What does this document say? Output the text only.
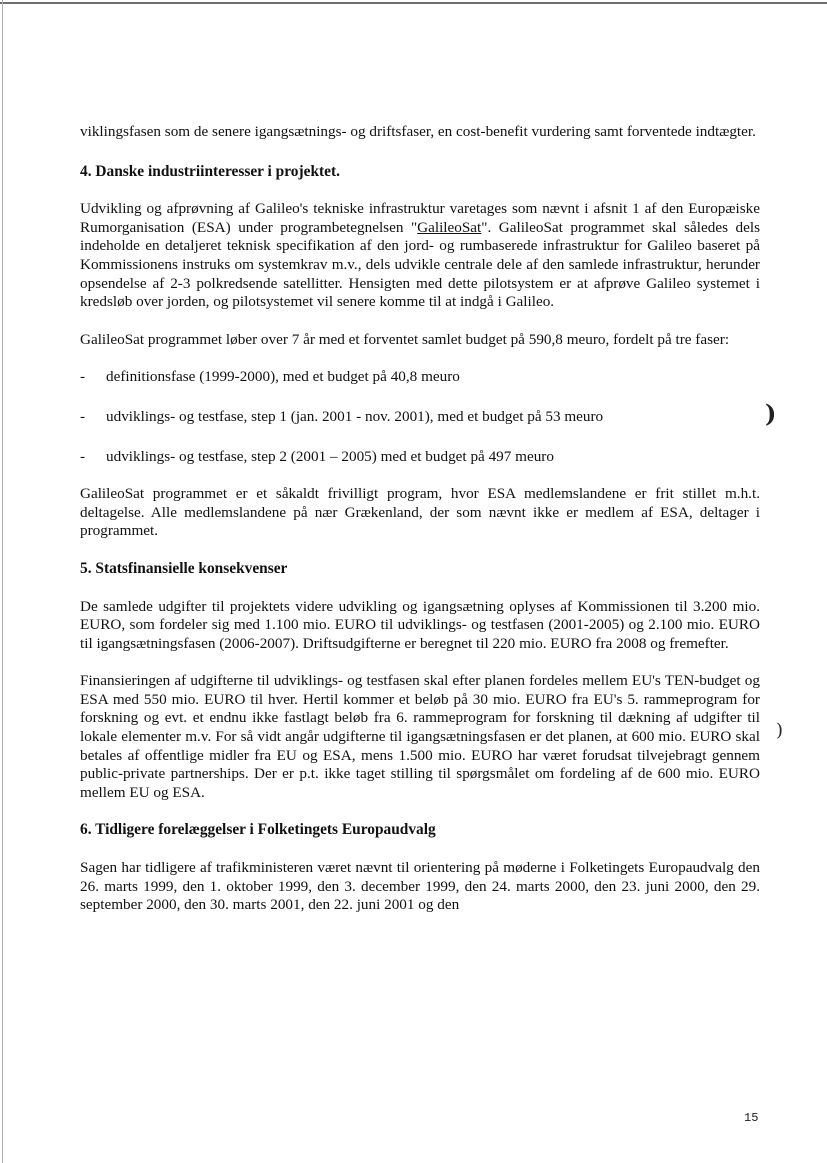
)
)

viklingsfasen som de senere igangsætnings- og driftsfaser, en cost-benefit vurdering samt forventede indtægter.

4. Danske industriinteresser i projektet.

Udvikling og afprøvning af Galileo's tekniske infrastruktur varetages som nævnt i afsnit 1 af den Europæiske Rumorganisation (ESA) under programbetegnelsen "GalileoSat". GalileoSat programmet skal således dels indeholde en detaljeret teknisk specifikation af den jord- og rumbaserede infrastruktur for Galileo baseret på Kommissionens instruks om systemkrav m.v., dels udvikle centrale dele af den samlede infrastruktur, herunder opsendelse af 2-3 polkredsende satellitter. Hensigten med dette pilotsystem er at afprøve Galileo systemet i kredsløb over jorden, og pilotsystemet vil senere komme til at indgå i Galileo.

GalileoSat programmet løber over 7 år med et forventet samlet budget på 590,8 meuro, fordelt på tre faser:

-	definitionsfase (1999-2000), med et budget på 40,8 meuro
-	udviklings- og testfase, step 1 (jan. 2001 - nov. 2001), med et budget på 53 meuro
-	udviklings- og testfase, step 2 (2001 – 2005) med et budget på 497 meuro

GalileoSat programmet er et såkaldt frivilligt program, hvor ESA medlemslandene er frit stillet m.h.t. deltagelse. Alle medlemslandene på nær Grækenland, der som nævnt ikke er medlem af ESA, deltager i programmet.

5. Statsfinansielle konsekvenser

De samlede udgifter til projektets videre udvikling og igangsætning oplyses af Kommissionen til 3.200 mio. EURO, som fordeler sig med 1.100 mio. EURO til udviklings- og testfasen (2001-2005) og 2.100 mio. EURO til igangsætningsfasen (2006-2007). Driftsudgifterne er beregnet til 220 mio. EURO fra 2008 og fremefter.

Finansieringen af udgifterne til udviklings- og testfasen skal efter planen fordeles mellem EU's TEN-budget og ESA med 550 mio. EURO til hver. Hertil kommer et beløb på 30 mio. EURO fra EU's 5. rammeprogram for forskning og evt. et endnu ikke fastlagt beløb fra 6. rammeprogram for forskning til dækning af udgifter til lokale elementer m.v. For så vidt angår udgifterne til igangsætningsfasen er det planen, at 600 mio. EURO skal betales af offentlige midler fra EU og ESA, mens 1.500 mio. EURO har været forudsat tilvejebragt gennem public-private partnerships. Der er p.t. ikke taget stilling til spørgsmålet om fordeling af de 600 mio. EURO mellem EU og ESA.

6. Tidligere forelæggelser i Folketingets Europaudvalg

Sagen har tidligere af trafikministeren været nævnt til orientering på møderne i Folketingets Europaudvalg den 26. marts 1999, den 1. oktober 1999, den 3. december 1999, den 24. marts 2000, den 23. juni 2000, den 29. september 2000, den 30. marts 2001, den 22. juni 2001 og den

15
